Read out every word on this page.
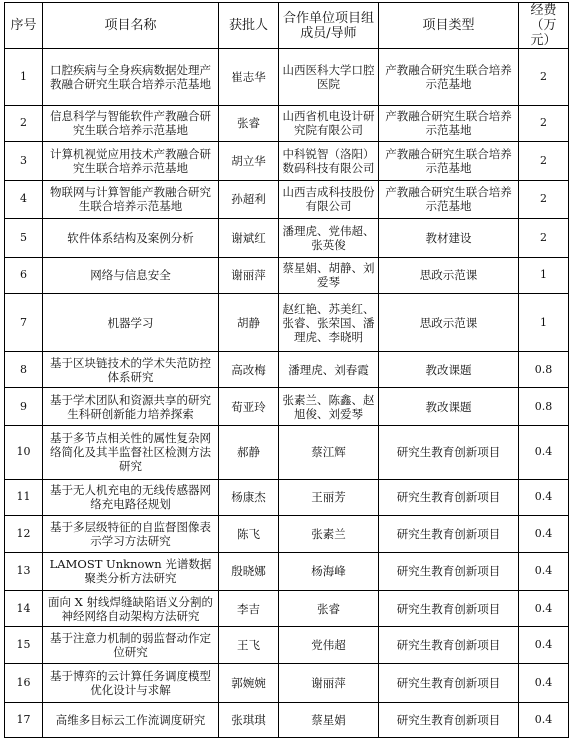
序号	项目名称	获批人	合作单位项目组成员/导师	项目类型	经费（万元）
1	口腔疾病与全身疾病数据处理产教融合研究生联合培养示范基地	崔志华	山西医科大学口腔医院	产教融合研究生联合培养示范基地	2
2	信息科学与智能软件产教融合研究生联合培养示范基地	张睿	山西省机电设计研究院有限公司	产教融合研究生联合培养示范基地	2
3	计算机视觉应用技术产教融合研究生联合培养示范基地	胡立华	中科锐智（洛阳）数码科技有限公司	产教融合研究生联合培养示范基地	2
4	物联网与计算智能产教融合研究生联合培养示范基地	孙超利	山西吉成科技股份有限公司	产教融合研究生联合培养示范基地	2
5	软件体系结构及案例分析	谢斌红	潘理虎、党伟超、张英俊	教材建设	2
6	网络与信息安全	谢丽萍	蔡星娟、胡静、刘爱琴	思政示范课	1
7	机器学习	胡静	赵红艳、苏美红、张睿、张荣国、潘理虎、李晓明	思政示范课	1
8	基于区块链技术的学术失范防控体系研究	高改梅	潘理虎、刘春霞	教改课题	0.8
9	基于学术团队和资源共享的研究生科研创新能力培养探索	荀亚玲	张素兰、陈鑫、赵旭俊、刘爱琴	教改课题	0.8
10	基于多节点相关性的属性复杂网络简化及其半监督社区检测方法研究	郝静	蔡江辉	研究生教育创新项目	0.4
11	基于无人机充电的无线传感器网络充电路径规划	杨康杰	王丽芳	研究生教育创新项目	0.4
12	基于多层级特征的自监督图像表示学习方法研究	陈飞	张素兰	研究生教育创新项目	0.4
13	LAMOST Unknown 光谱数据聚类分析方法研究	殷晓娜	杨海峰	研究生教育创新项目	0.4
14	面向 X 射线焊缝缺陷语义分割的神经网络自动架构方法研究	李吉	张睿	研究生教育创新项目	0.4
15	基于注意力机制的弱监督动作定位研究	王飞	党伟超	研究生教育创新项目	0.4
16	基于博弈的云计算任务调度模型优化设计与求解	郭婉婉	谢丽萍	研究生教育创新项目	0.4
17	高维多目标云工作流调度研究	张琪琪	蔡星娟	研究生教育创新项目	0.4
